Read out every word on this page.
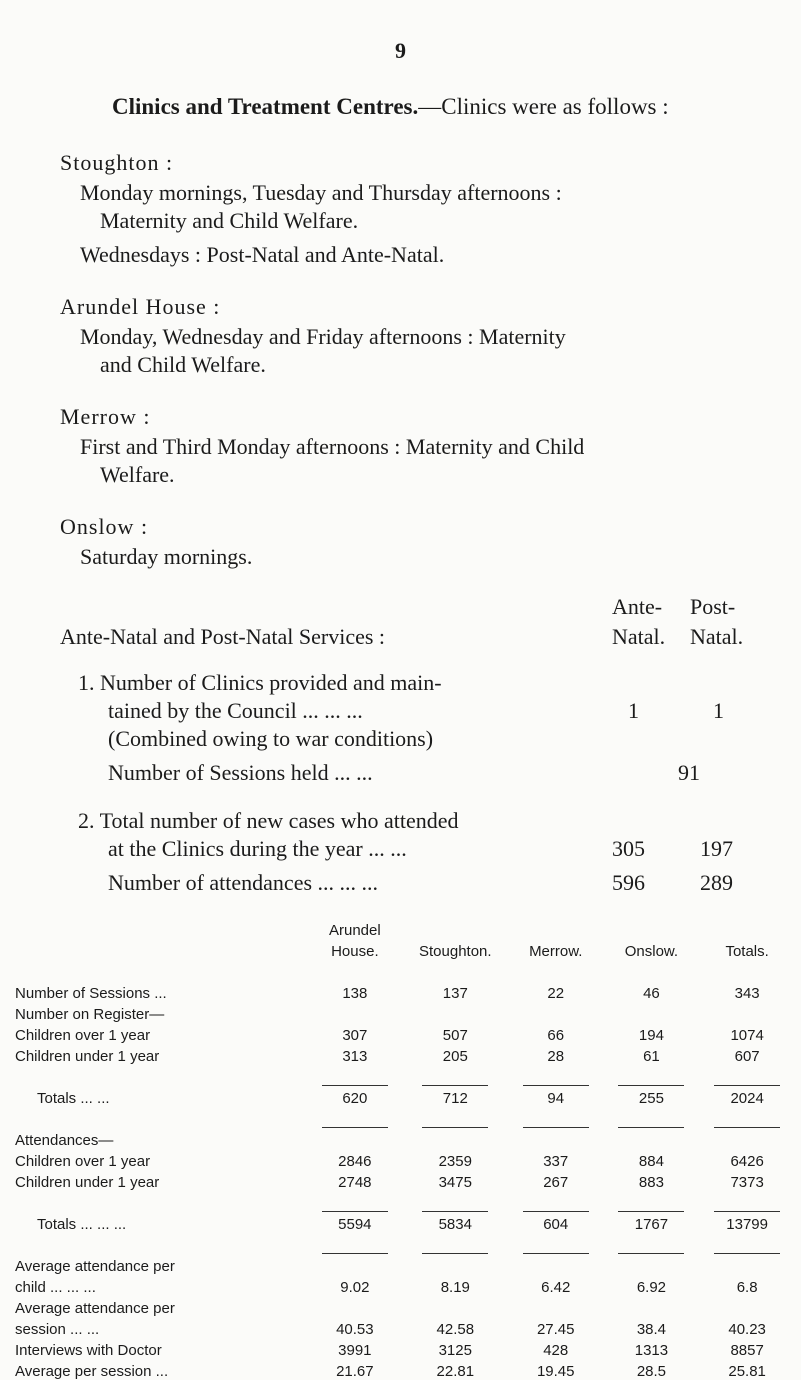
9
Clinics and Treatment Centres.—Clinics were as follows :
Stoughton :
Monday mornings, Tuesday and Thursday afternoons :
Maternity and Child Welfare.
Wednesdays : Post-Natal and Ante-Natal.
Arundel House :
Monday, Wednesday and Friday afternoons : Maternity
and Child Welfare.
Merrow :
First and Third Monday afternoons : Maternity and Child
Welfare.
Onslow :
Saturday mornings.
Ante-Natal and Post-Natal Services :
Ante-
Natal.
Post-
Natal.
1. Number of Clinics provided and main-
tained by the Council ... ... ...
(Combined owing to war conditions)
1	1
Number of Sessions held ... ...	91
2. Total number of new cases who attended
at the Clinics during the year ... ...	305	197
Number of attendances ... ... ...	596	289
	Arundel				
	House.	Stoughton.	Merrow.	Onslow.	Totals.

Number of Sessions ...	138	137	22	46	343
Number on Register—					
Children over 1 year	307	507	66	194	1074
Children under 1 year	313	205	28	61	607

Totals ... ...	620	712	94	255	2024

Attendances—					
Children over 1 year	2846	2359	337	884	6426
Children under 1 year	2748	3475	267	883	7373

Totals ... ... ...	5594	5834	604	1767	13799

Average attendance per					
child ... ... ...	9.02	8.19	6.42	6.92	6.8
Average attendance per					
session ... ...	40.53	42.58	27.45	38.4	40.23
Interviews with Doctor	3991	3125	428	1313	8857
Average per session ...	21.67	22.81	19.45	28.5	25.81
